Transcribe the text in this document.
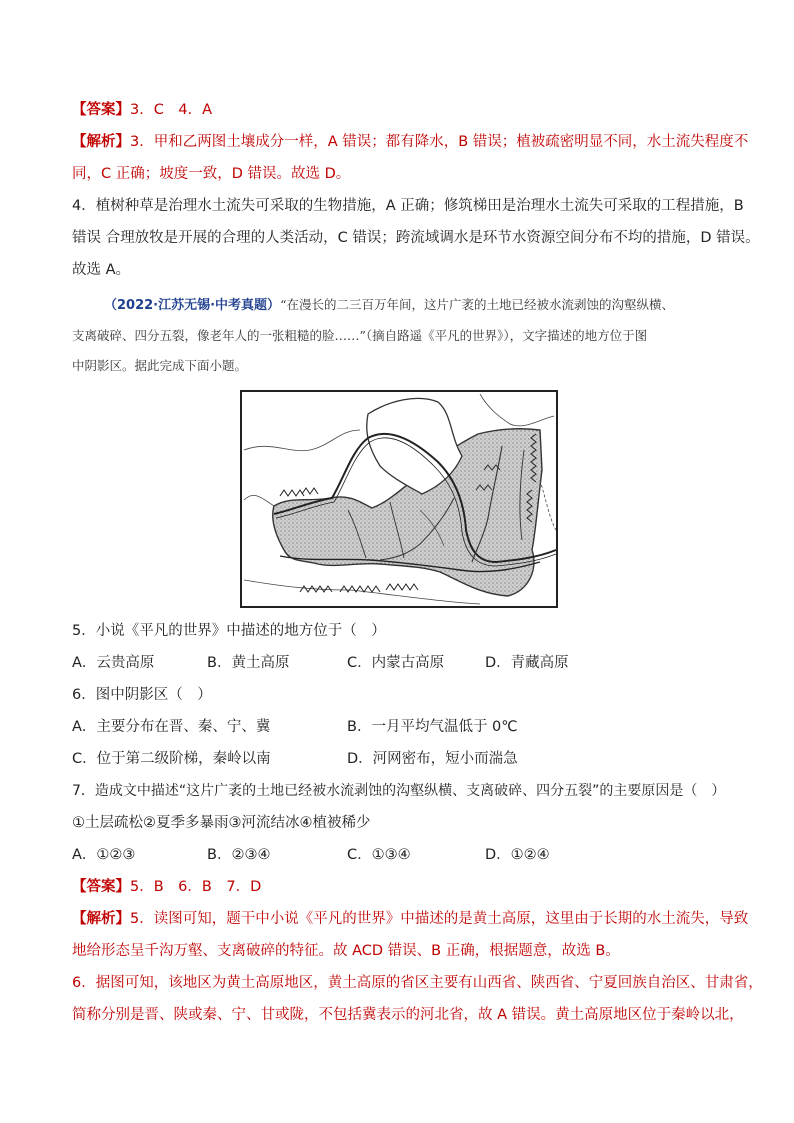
【答案】3．C　4．A
【解析】3．甲和乙两图土壤成分一样，A 错误；都有降水，B 错误；植被疏密明显不同，水土流失程度不
同，C 正确；坡度一致，D 错误。故选 D。
4．植树种草是治理水土流失可采取的生物措施，A 正确；修筑梯田是治理水土流失可采取的工程措施，B
错误 合理放牧是开展的合理的人类活动，C 错误；跨流域调水是环节水资源空间分布不均的措施，D 错误。
故选 A。
（2022·江苏无锡·中考真题）“在漫长的二三百万年间，这片广袤的土地已经被水流剥蚀的沟壑纵横、
支离破碎、四分五裂，像老年人的一张粗糙的脸……”（摘自路遥《平凡的世界》），文字描述的地方位于图
中阴影区。据此完成下面小题。
5．小说《平凡的世界》中描述的地方位于（　）
A．云贵高原	B．黄土高原	C．内蒙古高原	D．青藏高原
6．图中阴影区（　）
A．主要分布在晋、秦、宁、冀	B．一月平均气温低于 0℃
C．位于第二级阶梯，秦岭以南	D．河网密布，短小而湍急
7．造成文中描述“这片广袤的土地已经被水流剥蚀的沟壑纵横、支离破碎、四分五裂”的主要原因是（　）
①土层疏松②夏季多暴雨③河流结冰④植被稀少
A．①②③	B．②③④	C．①③④	D．①②④
【答案】5．B　6．B　7．D
【解析】5．读图可知，题干中小说《平凡的世界》中描述的是黄土高原，这里由于长期的水土流失，导致
地给形态呈千沟万壑、支离破碎的特征。故 ACD 错误、B 正确，根据题意，故选 B。
6．据图可知，该地区为黄土高原地区，黄土高原的省区主要有山西省、陕西省、宁夏回族自治区、甘肃省，
简称分别是晋、陕或秦、宁、甘或陇，不包括冀表示的河北省，故 A 错误。黄土高原地区位于秦岭以北，
